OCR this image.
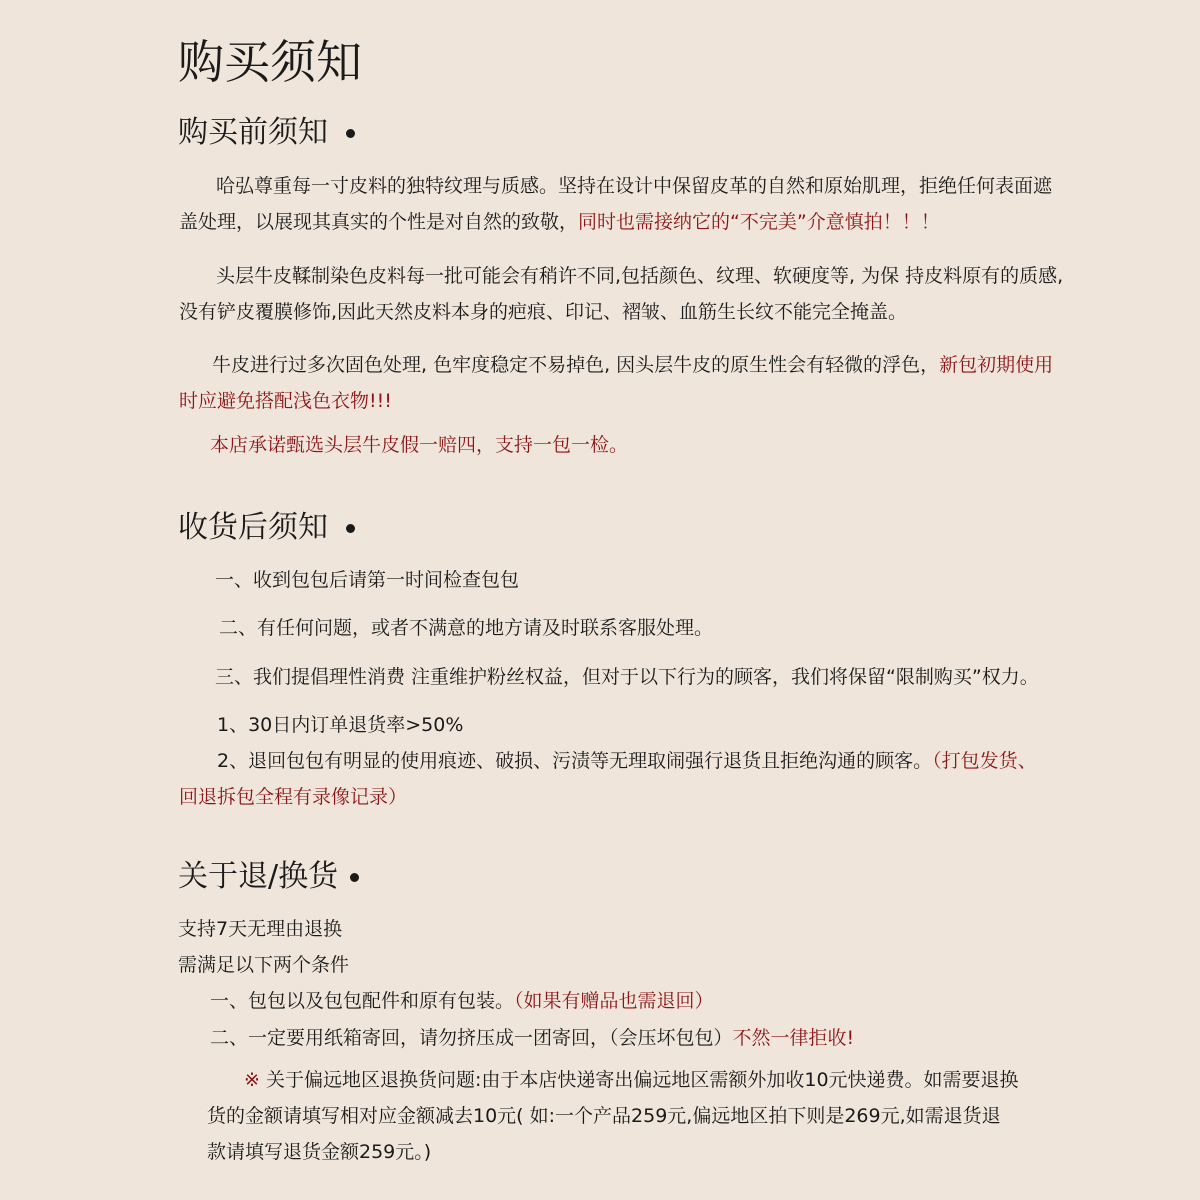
购买须知
购买前须知
哈弘尊重每一寸皮料的独特纹理与质感。坚持在设计中保留皮革的自然和原始肌理，拒绝任何表面遮
盖处理，以展现其真实的个性是对自然的致敬，同时也需接纳它的“不完美”介意慎拍！！！
头层牛皮鞣制染色皮料每一批可能会有稍许不同,包括颜色、纹理、软硬度等, 为保 持皮料原有的质感,
没有铲皮覆膜修饰,因此天然皮料本身的疤痕、印记、褶皱、血筋生长纹不能完全掩盖。
牛皮进行过多次固色处理, 色牢度稳定不易掉色, 因头层牛皮的原生性会有轻微的浮色，新包初期使用
时应避免搭配浅色衣物!!!
本店承诺甄选头层牛皮假一赔四，支持一包一检。
收货后须知
一、收到包包后请第一时间检查包包
二、有任何问题，或者不满意的地方请及时联系客服处理。
三、我们提倡理性消费 注重维护粉丝权益，但对于以下行为的顾客，我们将保留“限制购买”权力。
1、30日内订单退货率>50%
2、退回包包有明显的使用痕迹、破损、污渍等无理取闹强行退货且拒绝沟通的顾客。（打包发货、
回退拆包全程有录像记录）
关于退/换货
支持7天无理由退换
需满足以下两个条件
一、包包以及包包配件和原有包装。（如果有赠品也需退回）
二、一定要用纸箱寄回，请勿挤压成一团寄回，（会压坏包包）不然一律拒收!
※ 关于偏远地区退换货问题:由于本店快递寄出偏远地区需额外加收10元快递费。如需要退换
货的金额请填写相对应金额减去10元( 如:一个产品259元,偏远地区拍下则是269元,如需退货退
款请填写退货金额259元。)
